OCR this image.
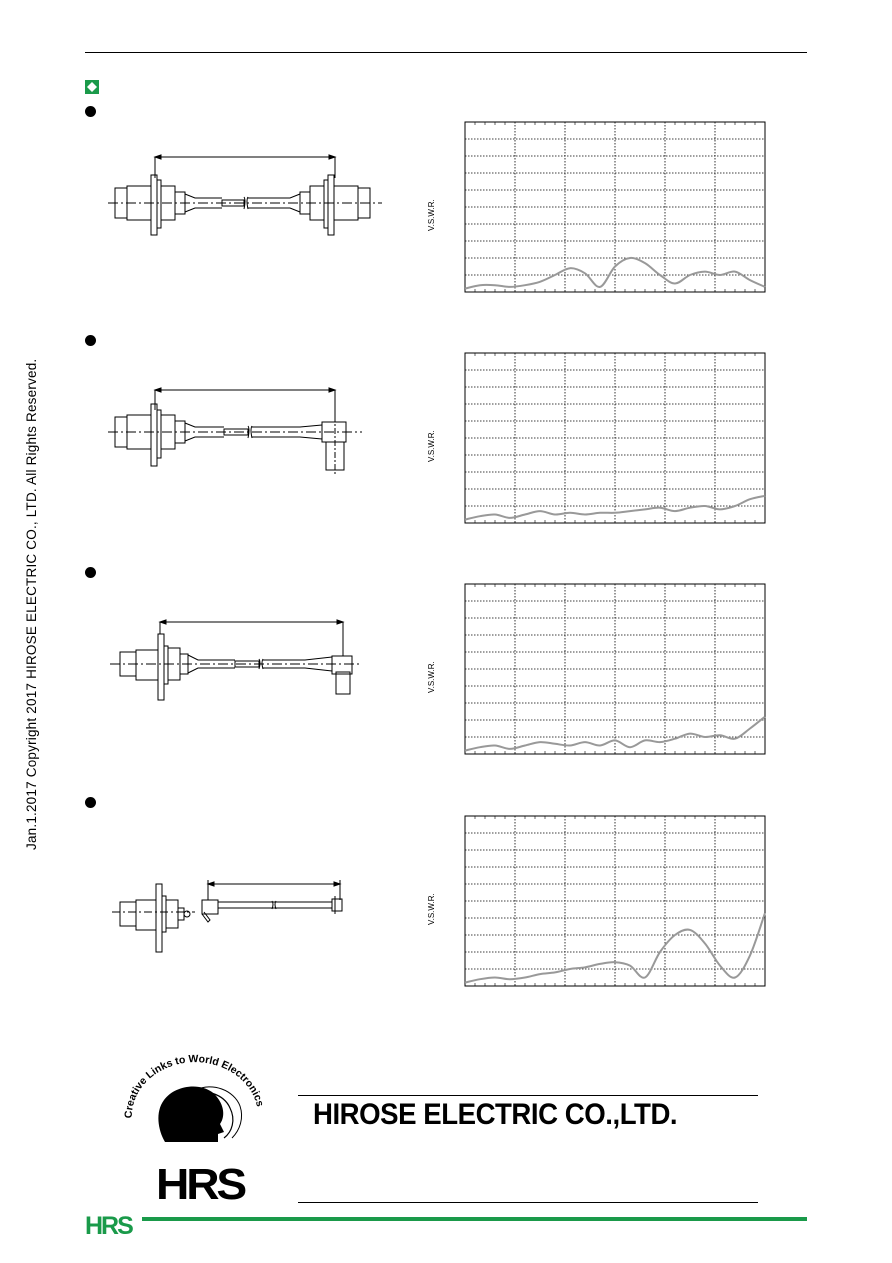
Jan.1.2017 Copyright 2017 HIROSE ELECTRIC CO., LTD. All Rights Reserved.
V.S.W.R.
V.S.W.R.
V.S.W.R.
V.S.W.R.
Creative Links to World Electronics
HRS
HIROSE ELECTRIC CO.,LTD.
HRS
